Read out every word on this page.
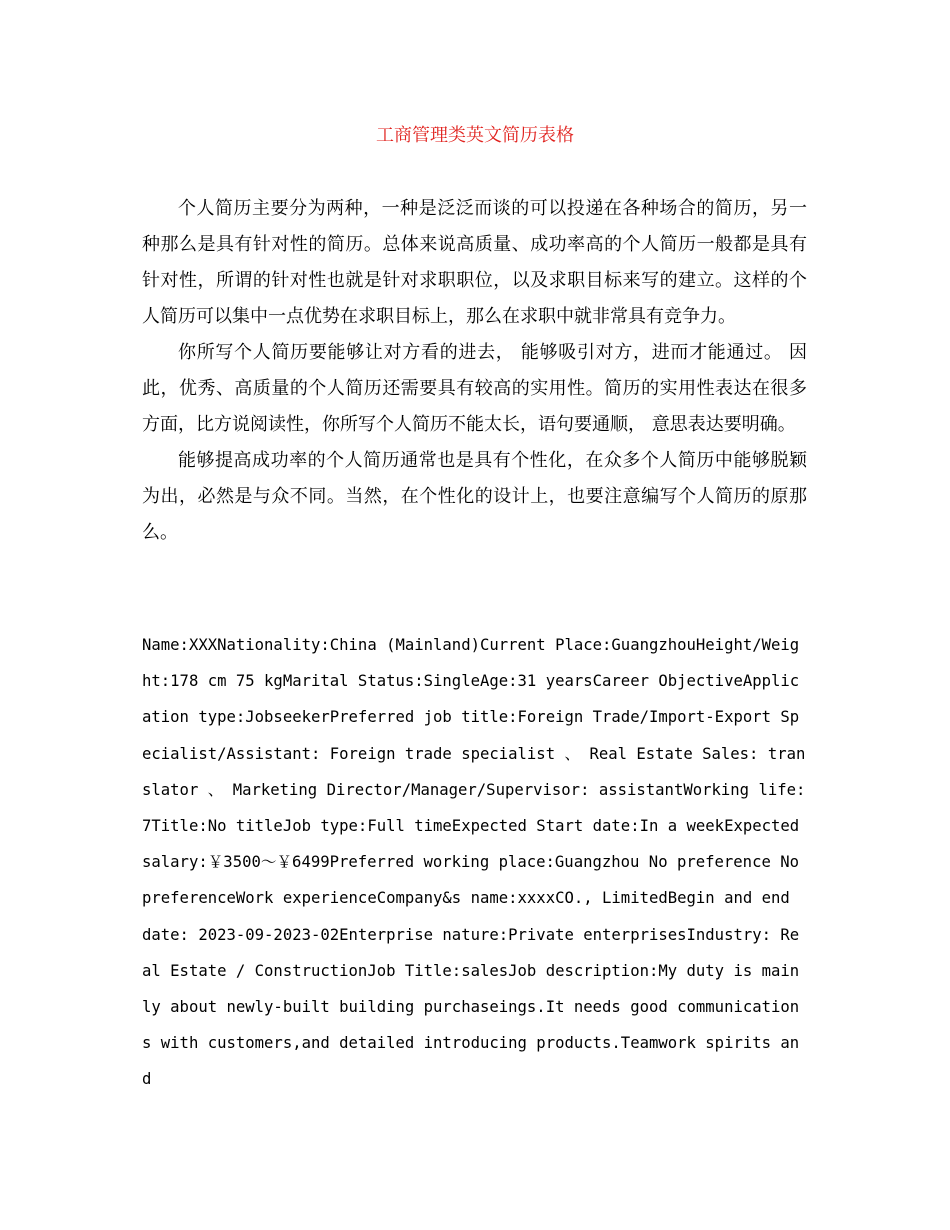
工商管理类英文简历表格

个人简历主要分为两种，一种是泛泛而谈的可以投递在各种场合的简历，另一种那么是具有针对性的简历。总体来说高质量、成功率高的个人简历一般都是具有针对性，所谓的针对性也就是针对求职职位，以及求职目标来写的建立。这样的个人简历可以集中一点优势在求职目标上，那么在求职中就非常具有竞争力。

你所写个人简历要能够让对方看的进去， 能够吸引对方，进而才能通过。 因此，优秀、高质量的个人简历还需要具有较高的实用性。简历的实用性表达在很多方面，比方说阅读性，你所写个人简历不能太长，语句要通顺， 意思表达要明确。

能够提高成功率的个人简历通常也是具有个性化，在众多个人简历中能够脱颖为出，必然是与众不同。当然，在个性化的设计上，也要注意编写个人简历的原那么。

Name:XXXNationality:China (Mainland)Current Place:GuangzhouHeight/Weight:178 cm 75 kgMarital Status:SingleAge:31 yearsCareer ObjectiveApplication type:JobseekerPreferred job title:Foreign Trade/Import-Export Specialist/Assistant: Foreign trade specialist 、 Real Estate Sales: translator 、 Marketing Director/Manager/Supervisor: assistantWorking life:7Title:No titleJob type:Full timeExpected Start date:In a weekExpected salary:￥3500～￥6499Preferred working place:Guangzhou No preference No preferenceWork experienceCompany&s name:xxxxCO., LimitedBegin and end date: 2023-09-2023-02Enterprise nature:Private enterprisesIndustry: Real Estate / ConstructionJob Title:salesJob description:My duty is mainly about newly-built building purchaseings.It needs good communications with customers,and detailed introducing products.Teamwork spirits and
